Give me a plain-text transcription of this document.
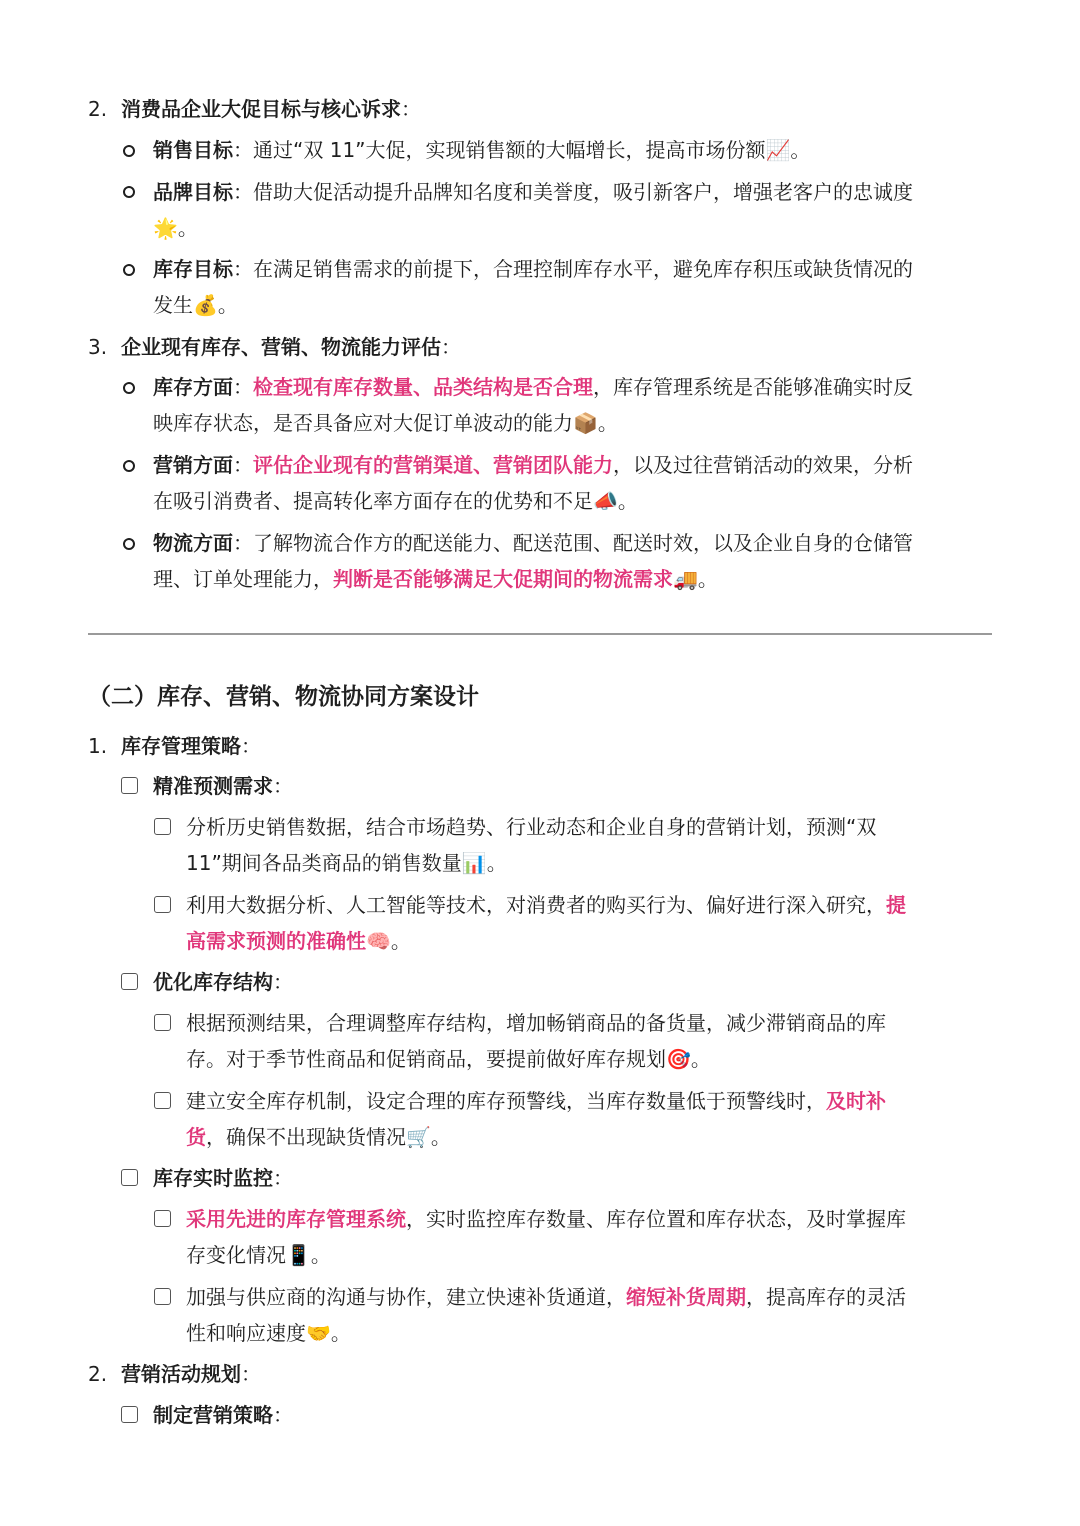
2. 消费品企业大促目标与核心诉求：
销售目标：通过“双 11”大促，实现销售额的大幅增长，提高市场份额📈。
品牌目标：借助大促活动提升品牌知名度和美誉度，吸引新客户，增强老客户的忠诚度
🌟。
库存目标：在满足销售需求的前提下，合理控制库存水平，避免库存积压或缺货情况的
发生💰。
3. 企业现有库存、营销、物流能力评估：
库存方面：检查现有库存数量、品类结构是否合理，库存管理系统是否能够准确实时反
映库存状态，是否具备应对大促订单波动的能力📦。
营销方面：评估企业现有的营销渠道、营销团队能力，以及过往营销活动的效果，分析
在吸引消费者、提高转化率方面存在的优势和不足📣。
物流方面：了解物流合作方的配送能力、配送范围、配送时效，以及企业自身的仓储管
理、订单处理能力，判断是否能够满足大促期间的物流需求🚚。
（二）库存、营销、物流协同方案设计
1. 库存管理策略：
精准预测需求：
分析历史销售数据，结合市场趋势、行业动态和企业自身的营销计划，预测“双
11”期间各品类商品的销售数量📊。
利用大数据分析、人工智能等技术，对消费者的购买行为、偏好进行深入研究，提
高需求预测的准确性🧠。
优化库存结构：
根据预测结果，合理调整库存结构，增加畅销商品的备货量，减少滞销商品的库
存。对于季节性商品和促销商品，要提前做好库存规划🎯。
建立安全库存机制，设定合理的库存预警线，当库存数量低于预警线时，及时补
货，确保不出现缺货情况🛒。
库存实时监控：
采用先进的库存管理系统，实时监控库存数量、库存位置和库存状态，及时掌握库
存变化情况📱。
加强与供应商的沟通与协作，建立快速补货通道，缩短补货周期，提高库存的灵活
性和响应速度🤝。
2. 营销活动规划：
制定营销策略：
